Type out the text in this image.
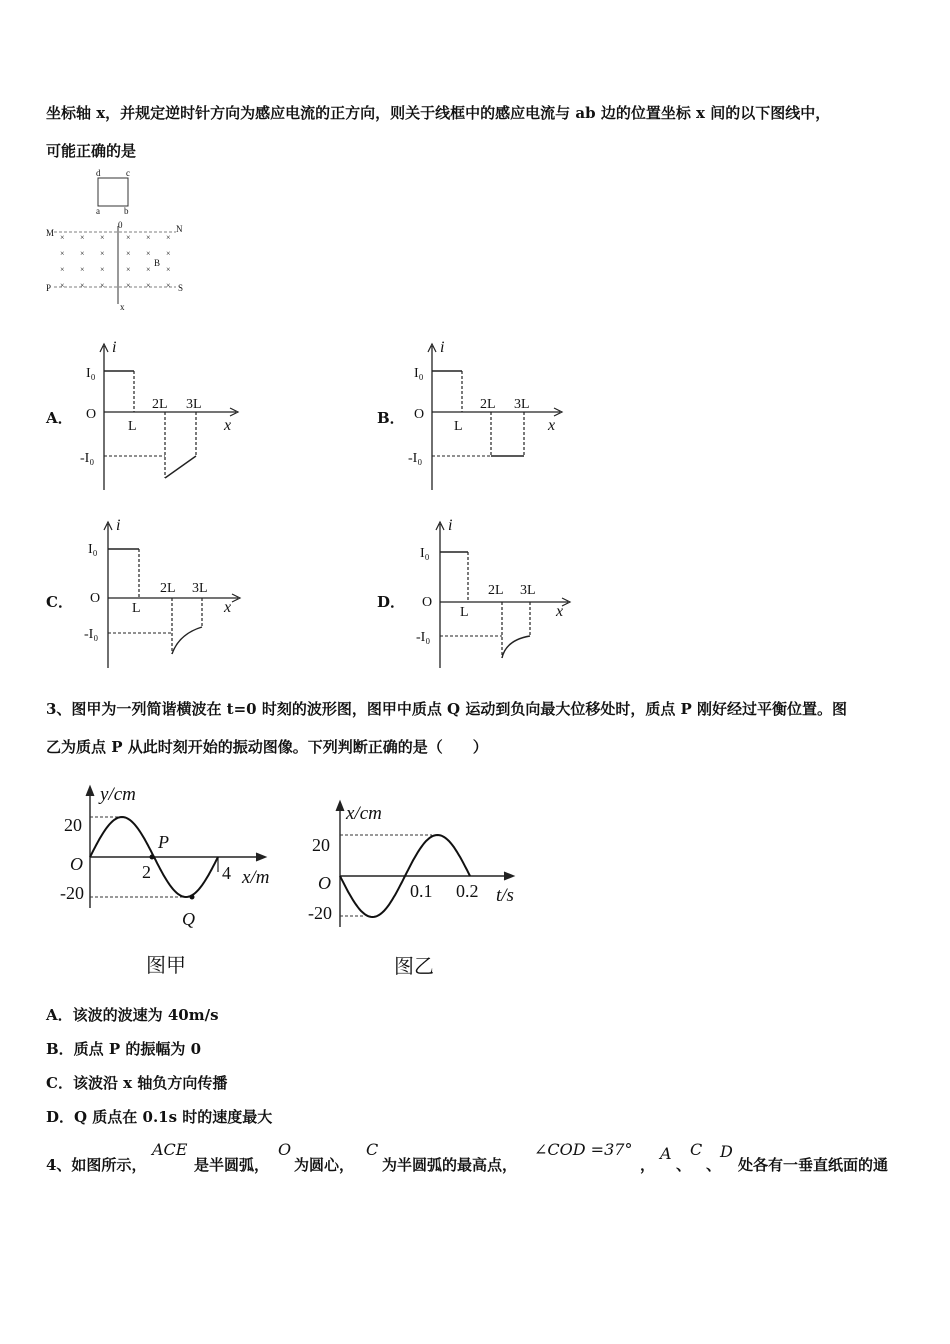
坐标轴 x，并规定逆时针方向为感应电流的正方向，则关于线框中的感应电流与 ab 边的位置坐标 x 间的以下图线中，
可能正确的是
d	c
a	b
0
M	N
x
× × ×	× × ×
× × ×	× × ×
× × ×	× × ×
× × ×	× × ×
B
P	S
A．	B．
C．	D．
i
x
I₀
O
-I₀
L
2L 3L
i
x
I₀
O
-I₀
L
2L 3L
i
x
I₀
O
-I₀
L
2L 3L
i
x
I₀
O
-I₀
L
2L 3L
3、图甲为一列简谐横波在 t=0 时刻的波形图，图甲中质点 Q 运动到负向最大位移处时，质点 P 刚好经过平衡位置。图
乙为质点 P 从此时刻开始的振动图像。下列判断正确的是（　　）
y/cm
x/m
20
O
-20
2	4
P
Q
图甲
x/cm
t/s
20
O
-20
0.1 0.2
图乙
A．该波的波速为 40m/s
B．质点 P 的振幅为 0
C．该波沿 x 轴负方向传播
D．Q 质点在 0.1s 时的速度最大
4、如图所示，
ACE
是半圆弧，
O
为圆心，
C
为半圆弧的最高点，
∠COD =37°
，
A
、
C
、
D
处各有一垂直纸面的通
